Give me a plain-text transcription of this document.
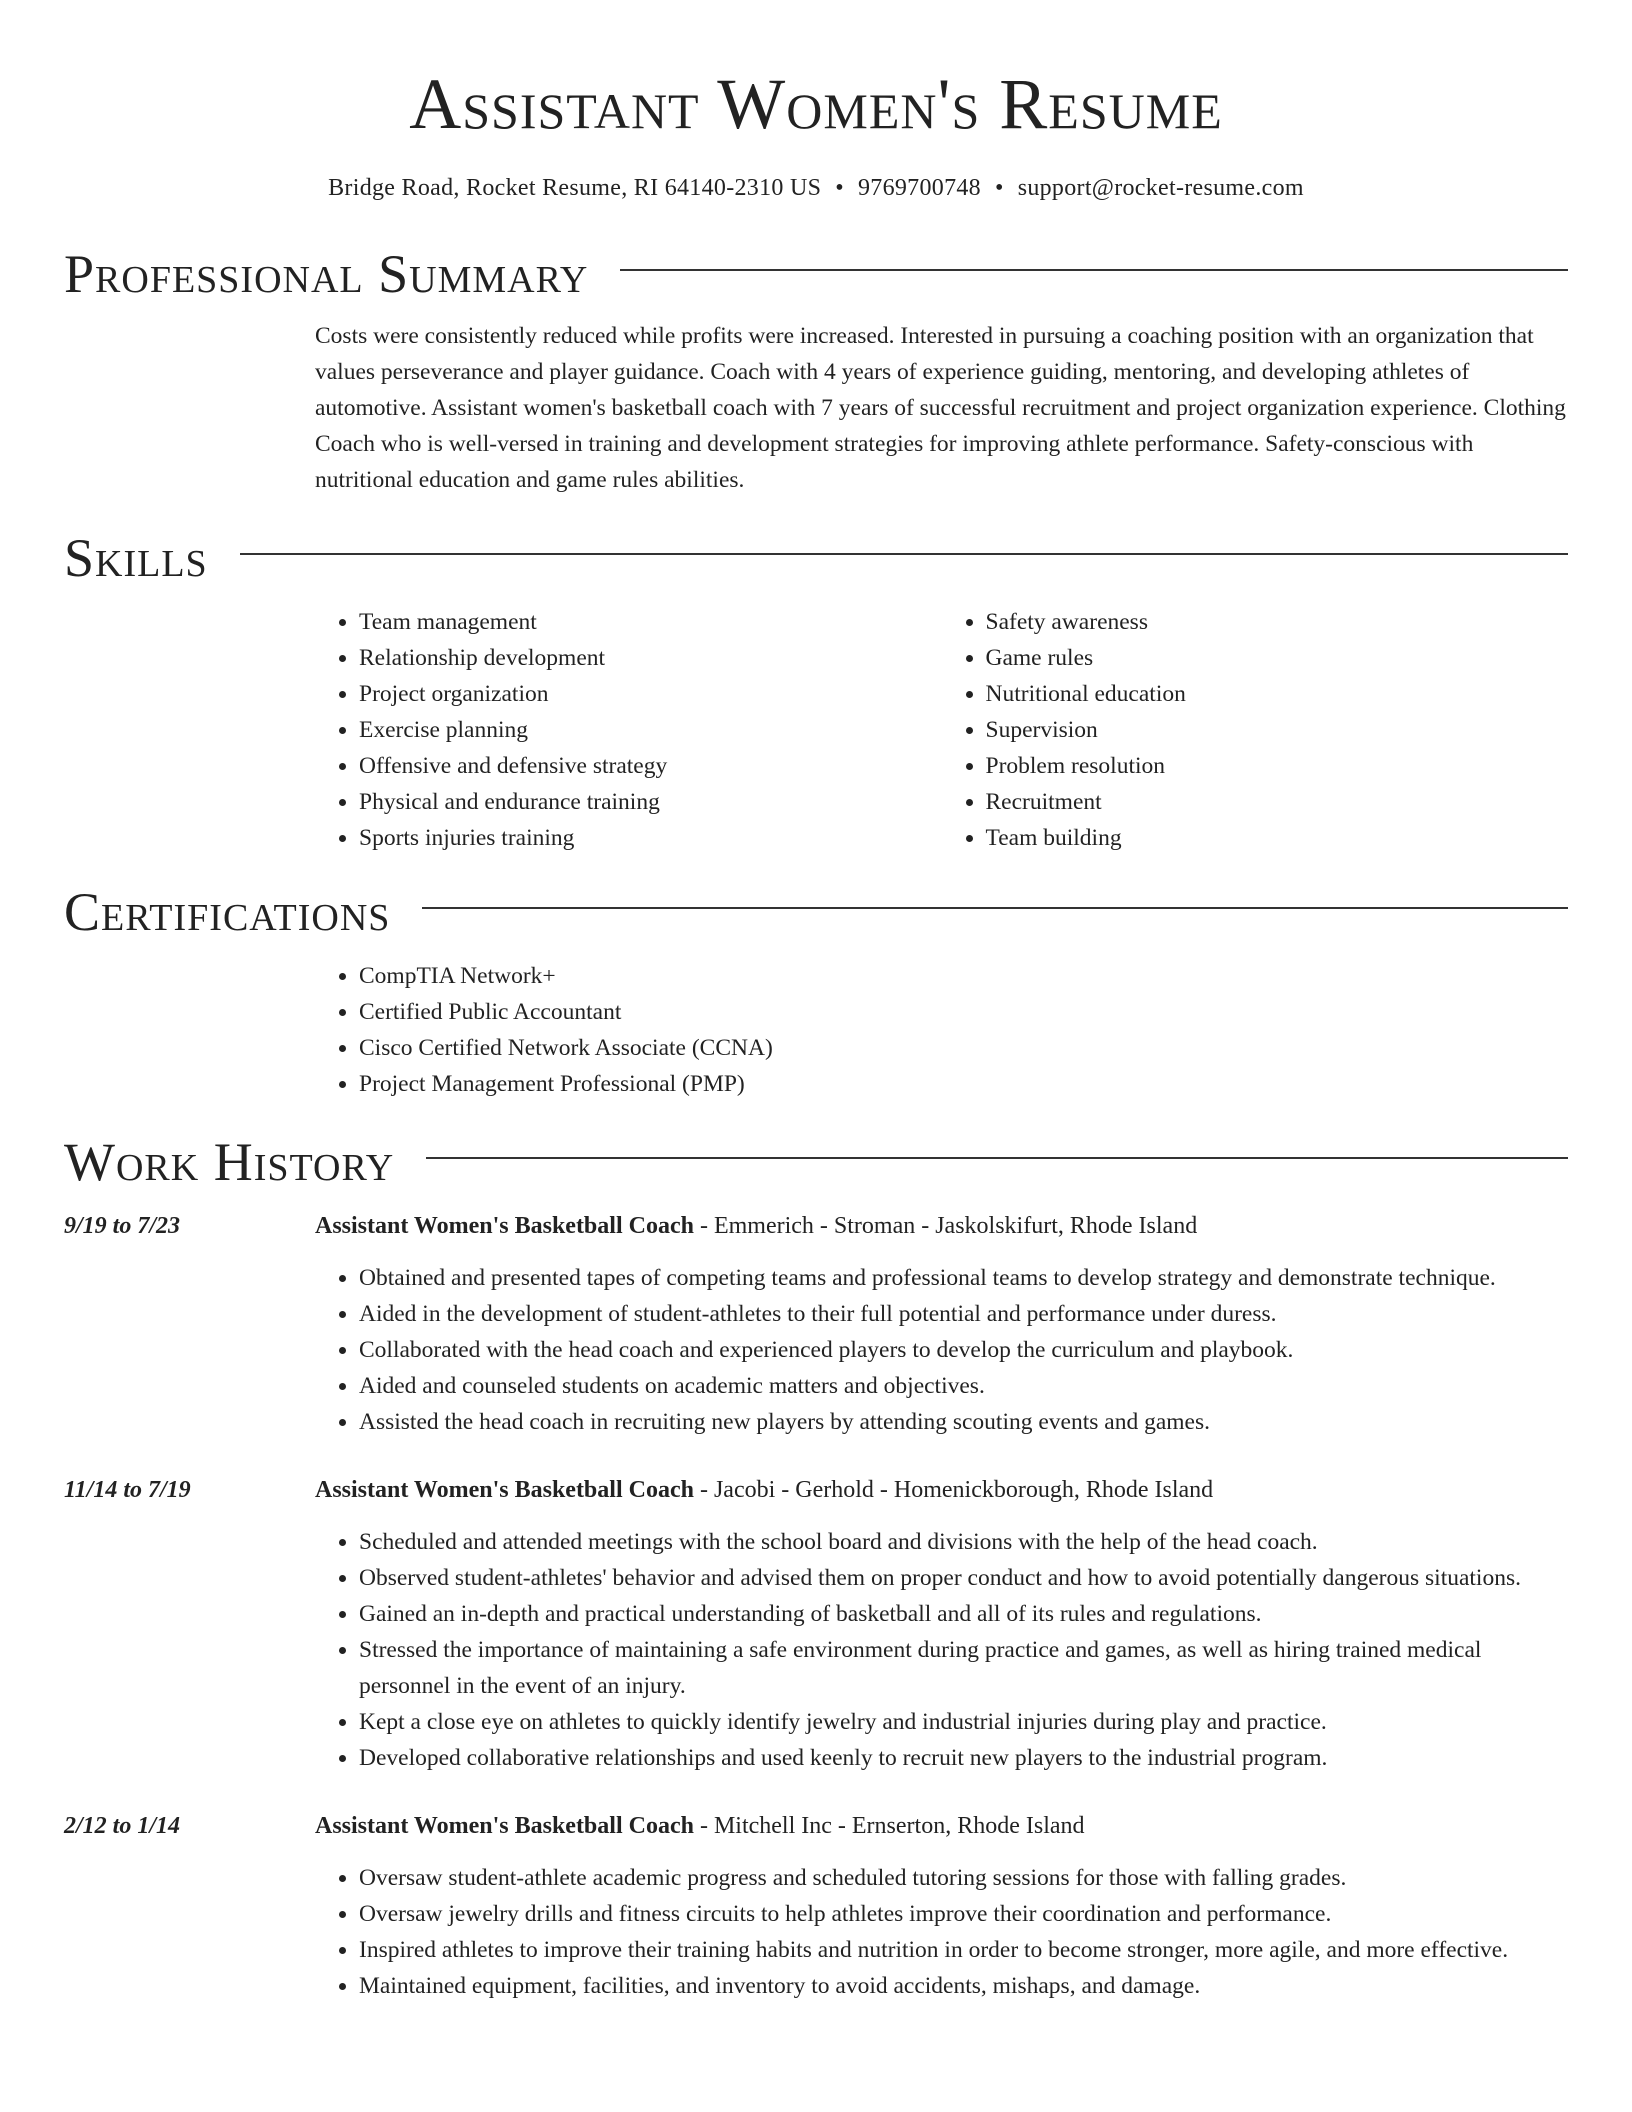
Assistant Women's Resume
Bridge Road, Rocket Resume, RI 64140-2310 US • 9769700748 • support@rocket-resume.com
Professional Summary

Costs were consistently reduced while profits were increased. Interested in pursuing a coaching position with an organization that values perseverance and player guidance. Coach with 4 years of experience guiding, mentoring, and developing athletes of automotive. Assistant women's basketball coach with 7 years of successful recruitment and project organization experience. Clothing Coach who is well-versed in training and development strategies for improving athlete performance. Safety-conscious with nutritional education and game rules abilities.

Skills
• Team management
• Relationship development
• Project organization
• Exercise planning
• Offensive and defensive strategy
• Physical and endurance training
• Sports injuries training
• Safety awareness
• Game rules
• Nutritional education
• Supervision
• Problem resolution
• Recruitment
• Team building
Certifications
• CompTIA Network+
• Certified Public Accountant
• Cisco Certified Network Associate (CCNA)
• Project Management Professional (PMP)
Work History
9/19 to 7/23	Assistant Women's Basketball Coach - Emmerich - Stroman - Jaskolskifurt, Rhode Island

• Obtained and presented tapes of competing teams and professional teams to develop strategy and demonstrate technique.
• Aided in the development of student-athletes to their full potential and performance under duress.
• Collaborated with the head coach and experienced players to develop the curriculum and playbook.
• Aided and counseled students on academic matters and objectives.
• Assisted the head coach in recruiting new players by attending scouting events and games.
11/14 to 7/19	Assistant Women's Basketball Coach - Jacobi - Gerhold - Homenickborough, Rhode Island

• Scheduled and attended meetings with the school board and divisions with the help of the head coach.
• Observed student-athletes' behavior and advised them on proper conduct and how to avoid potentially dangerous situations.
• Gained an in-depth and practical understanding of basketball and all of its rules and regulations.
• Stressed the importance of maintaining a safe environment during practice and games, as well as hiring trained medical personnel in the event of an injury.
• Kept a close eye on athletes to quickly identify jewelry and industrial injuries during play and practice.
• Developed collaborative relationships and used keenly to recruit new players to the industrial program.
2/12 to 1/14	Assistant Women's Basketball Coach - Mitchell Inc - Ernserton, Rhode Island

• Oversaw student-athlete academic progress and scheduled tutoring sessions for those with falling grades.
• Oversaw jewelry drills and fitness circuits to help athletes improve their coordination and performance.
• Inspired athletes to improve their training habits and nutrition in order to become stronger, more agile, and more effective.
• Maintained equipment, facilities, and inventory to avoid accidents, mishaps, and damage.
